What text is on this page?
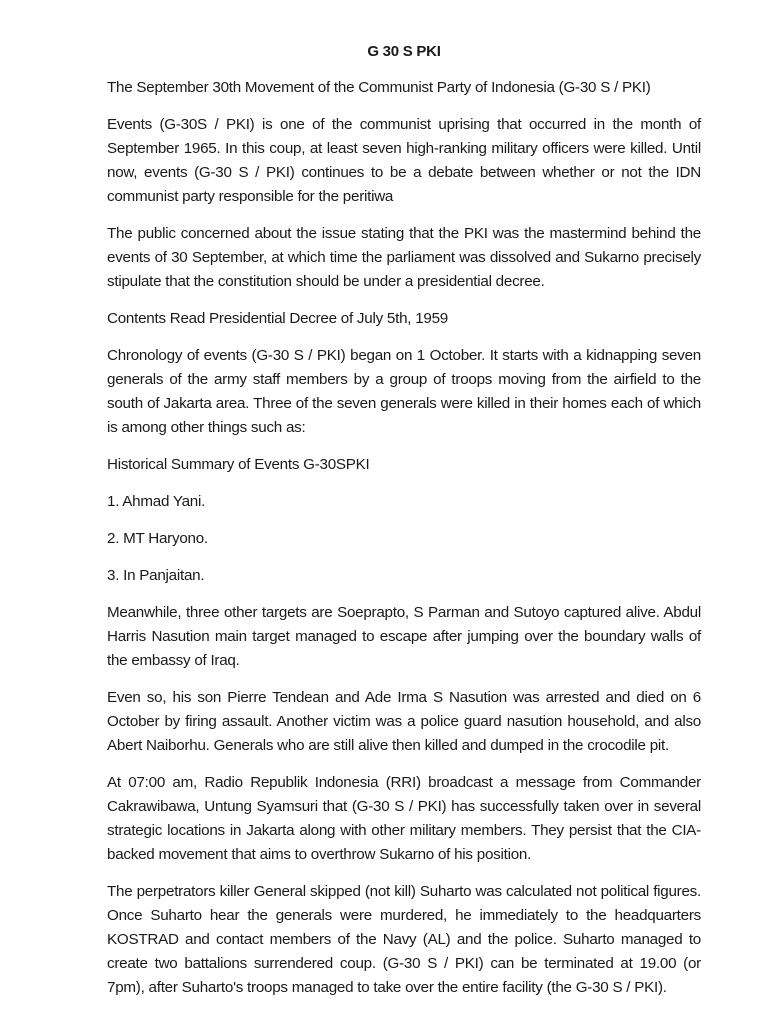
G 30 S PKI

The September 30th Movement of the Communist Party of Indonesia (G-30 S / PKI)

Events (G-30S / PKI) is one of the communist uprising that occurred in the month of September 1965. In this coup, at least seven high-ranking military officers were killed. Until now, events (G-30 S / PKI) continues to be a debate between whether or not the IDN communist party responsible for the peritiwa

The public concerned about the issue stating that the PKI was the mastermind behind the events of 30 September, at which time the parliament was dissolved and Sukarno precisely stipulate that the constitution should be under a presidential decree.

Contents Read Presidential Decree of July 5th, 1959

Chronology of events (G-30 S / PKI) began on 1 October. It starts with a kidnapping seven generals of the army staff members by a group of troops moving from the airfield to the south of Jakarta area. Three of the seven generals were killed in their homes each of which is among other things such as:

Historical Summary of Events G-30SPKI

1. Ahmad Yani.

2. MT Haryono.

3. In Panjaitan.

Meanwhile, three other targets are Soeprapto, S Parman and Sutoyo captured alive. Abdul Harris Nasution main target managed to escape after jumping over the boundary walls of the embassy of Iraq.

Even so, his son Pierre Tendean and Ade Irma S Nasution was arrested and died on 6 October by firing assault. Another victim was a police guard nasution household, and also Abert Naiborhu. Generals who are still alive then killed and dumped in the crocodile pit.

At 07:00 am, Radio Republik Indonesia (RRI) broadcast a message from Commander Cakrawibawa, Untung Syamsuri that (G-30 S / PKI) has successfully taken over in several strategic locations in Jakarta along with other military members. They persist that the CIA-backed movement that aims to overthrow Sukarno of his position.

The perpetrators killer General skipped (not kill) Suharto was calculated not political figures. Once Suharto hear the generals were murdered, he immediately to the headquarters KOSTRAD and contact members of the Navy (AL) and the police. Suharto managed to create two battalions surrendered coup. (G-30 S / PKI) can be terminated at 19.00 (or 7pm), after Suharto's troops managed to take over the entire facility (the G-30 S / PKI).
